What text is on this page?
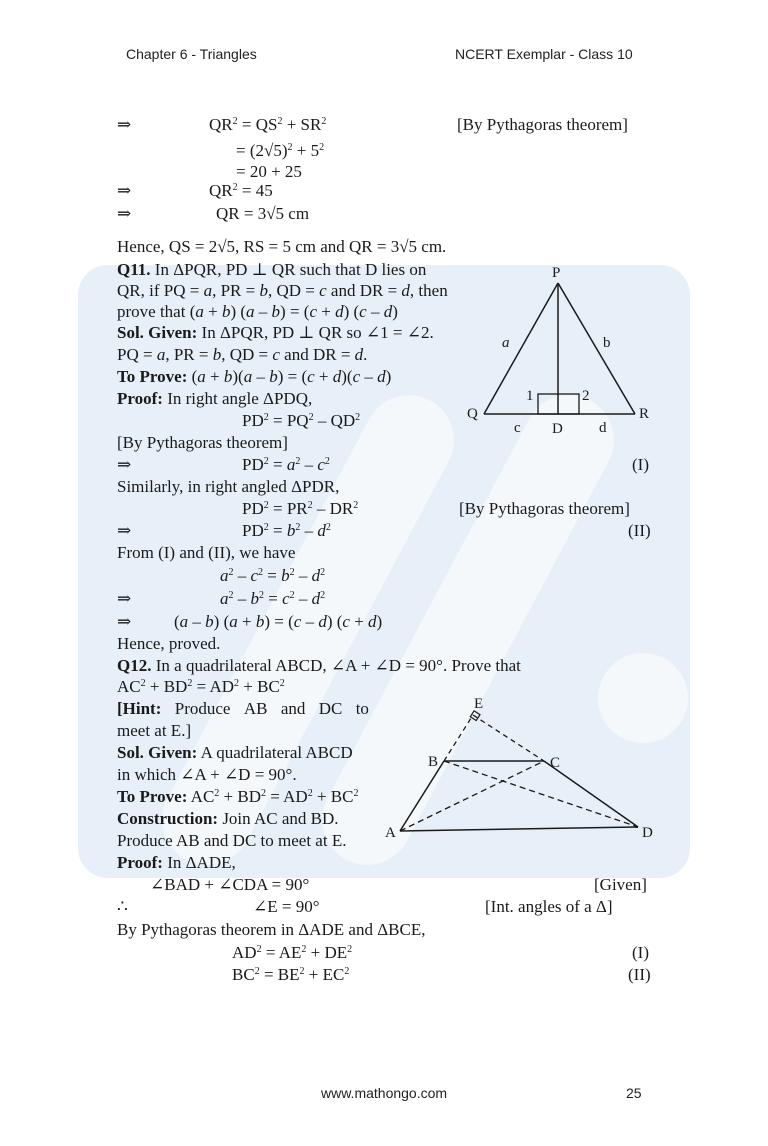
Chapter 6 - Triangles	NCERT Exemplar - Class 10
⇒	$QR^2 = QS^2 + SR^2$	[By Pythagoras theorem]
= $(2√5)^2 + 5^2$
= 20 + 25
⇒	$QR^2 = 45$
⇒	QR = 3√5 cm
Hence, QS = 2√5, RS = 5 cm and QR = 3√5 cm.
Q11. In ΔPQR, PD ⊥ QR such that D lies on
QR, if PQ = a, PR = b, QD = c and DR = d, then
prove that (a + b) (a – b) = (c + d) (c – d)
Sol. Given: In ΔPQR, PD ⊥ QR so ∠1 = ∠2.
PQ = a, PR = b, QD = c and DR = d.
To Prove: (a + b)(a – b) = (c + d)(c – d)
Proof: In right angle ΔPDQ,
$PD^2 = PQ^2 - QD^2$
[By Pythagoras theorem]
⇒	$PD^2 = a^2 - c^2$	(I)
Similarly, in right angled ΔPDR,
$PD^2 = PR^2 - DR^2$	[By Pythagoras theorem]
⇒	$PD^2 = b^2 - d^2$	(II)
From (I) and (II), we have
$a^2 - c^2 = b^2 - d^2$
⇒	$a^2 - b^2 = c^2 - d^2$
⇒	(a – b) (a + b) = (c – d) (c + d)
Hence, proved.
P
Q	R
D
a	b
c	d
1	2
Q12. In a quadrilateral ABCD, ∠A + ∠D = 90°. Prove that
$AC^2 + BD^2 = AD^2 + BC^2$
[Hint: Produce AB and DC to
meet at E.]
Sol. Given: A quadrilateral ABCD
in which ∠A + ∠D = 90°.
To Prove: $AC^2 + BD^2 = AD^2 + BC^2$
Construction: Join AC and BD.
Produce AB and DC to meet at E.
Proof: In ΔADE,
∠BAD + ∠CDA = 90°	[Given]
∴	∠E = 90°	[Int. angles of a Δ]
By Pythagoras theorem in ΔADE and ΔBCE,
$AD^2 = AE^2 + DE^2$	(I)
$BC^2 = BE^2 + EC^2$	(II)
E
B	C
A	D
www.mathongo.com	25
